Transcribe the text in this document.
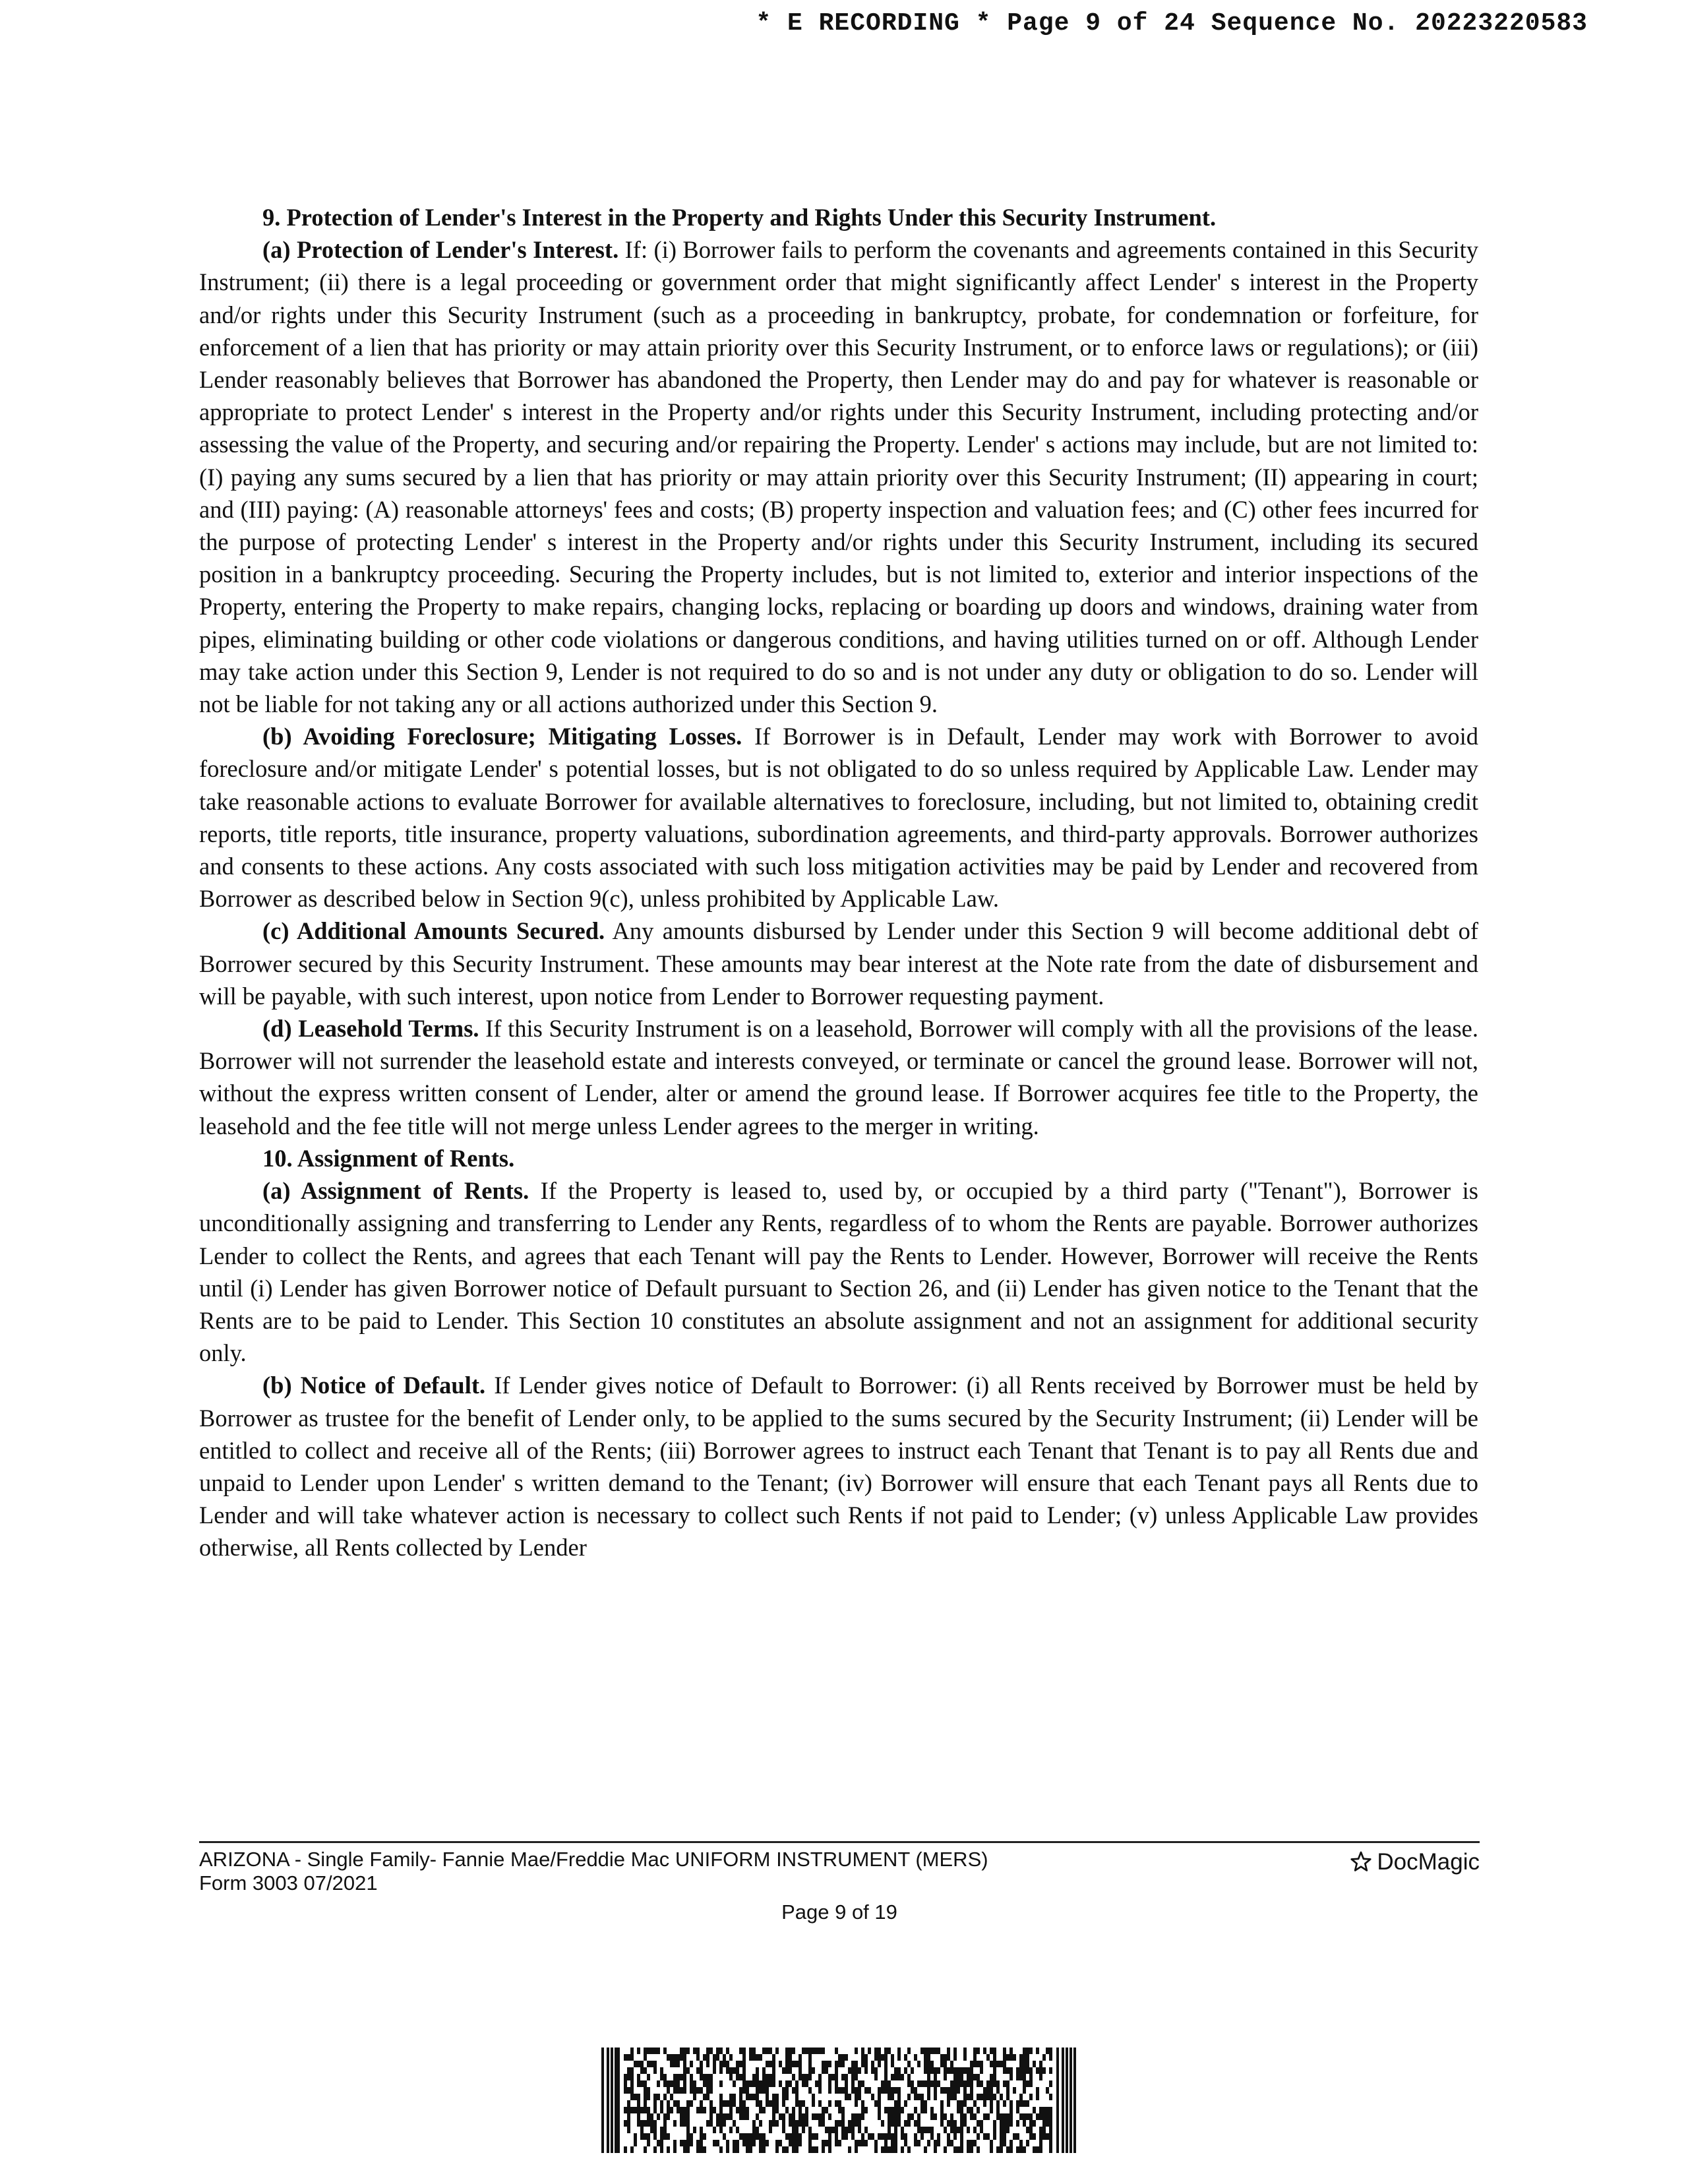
* E RECORDING * Page 9 of 24 Sequence No. 20223220583

9. Protection of Lender's Interest in the Property and Rights Under this Security Instrument.

(a) Protection of Lender's Interest. If: (i) Borrower fails to perform the covenants and agreements contained in this Security Instrument; (ii) there is a legal proceeding or government order that might significantly affect Lender' s interest in the Property and/or rights under this Security Instrument (such as a proceeding in bankruptcy, probate, for condemnation or forfeiture, for enforcement of a lien that has priority or may attain priority over this Security Instrument, or to enforce laws or regulations); or (iii) Lender reasonably believes that Borrower has abandoned the Property, then Lender may do and pay for whatever is reasonable or appropriate to protect Lender' s interest in the Property and/or rights under this Security Instrument, including protecting and/or assessing the value of the Property, and securing and/or repairing the Property. Lender' s actions may include, but are not limited to: (I) paying any sums secured by a lien that has priority or may attain priority over this Security Instrument; (II) appearing in court; and (III) paying: (A) reasonable attorneys' fees and costs; (B) property inspection and valuation fees; and (C) other fees incurred for the purpose of protecting Lender' s interest in the Property and/or rights under this Security Instrument, including its secured position in a bankruptcy proceeding. Securing the Property includes, but is not limited to, exterior and interior inspections of the Property, entering the Property to make repairs, changing locks, replacing or boarding up doors and windows, draining water from pipes, eliminating building or other code violations or dangerous conditions, and having utilities turned on or off. Although Lender may take action under this Section 9, Lender is not required to do so and is not under any duty or obligation to do so. Lender will not be liable for not taking any or all actions authorized under this Section 9.

(b) Avoiding Foreclosure; Mitigating Losses. If Borrower is in Default, Lender may work with Borrower to avoid foreclosure and/or mitigate Lender' s potential losses, but is not obligated to do so unless required by Applicable Law. Lender may take reasonable actions to evaluate Borrower for available alternatives to foreclosure, including, but not limited to, obtaining credit reports, title reports, title insurance, property valuations, subordination agreements, and third-party approvals. Borrower authorizes and consents to these actions. Any costs associated with such loss mitigation activities may be paid by Lender and recovered from Borrower as described below in Section 9(c), unless prohibited by Applicable Law.

(c) Additional Amounts Secured. Any amounts disbursed by Lender under this Section 9 will become additional debt of Borrower secured by this Security Instrument. These amounts may bear interest at the Note rate from the date of disbursement and will be payable, with such interest, upon notice from Lender to Borrower requesting payment.

(d) Leasehold Terms. If this Security Instrument is on a leasehold, Borrower will comply with all the provisions of the lease. Borrower will not surrender the leasehold estate and interests conveyed, or terminate or cancel the ground lease. Borrower will not, without the express written consent of Lender, alter or amend the ground lease. If Borrower acquires fee title to the Property, the leasehold and the fee title will not merge unless Lender agrees to the merger in writing.

10. Assignment of Rents.

(a) Assignment of Rents. If the Property is leased to, used by, or occupied by a third party ("Tenant"), Borrower is unconditionally assigning and transferring to Lender any Rents, regardless of to whom the Rents are payable. Borrower authorizes Lender to collect the Rents, and agrees that each Tenant will pay the Rents to Lender. However, Borrower will receive the Rents until (i) Lender has given Borrower notice of Default pursuant to Section 26, and (ii) Lender has given notice to the Tenant that the Rents are to be paid to Lender. This Section 10 constitutes an absolute assignment and not an assignment for additional security only.

(b) Notice of Default. If Lender gives notice of Default to Borrower: (i) all Rents received by Borrower must be held by Borrower as trustee for the benefit of Lender only, to be applied to the sums secured by the Security Instrument; (ii) Lender will be entitled to collect and receive all of the Rents; (iii) Borrower agrees to instruct each Tenant that Tenant is to pay all Rents due and unpaid to Lender upon Lender' s written demand to the Tenant; (iv) Borrower will ensure that each Tenant pays all Rents due to Lender and will take whatever action is necessary to collect such Rents if not paid to Lender; (v) unless Applicable Law provides otherwise, all Rents collected by Lender

ARIZONA - Single Family- Fannie Mae/Freddie Mac UNIFORM INSTRUMENT (MERS)
Form 3003 07/2021
DocMagic
Page 9 of 19
